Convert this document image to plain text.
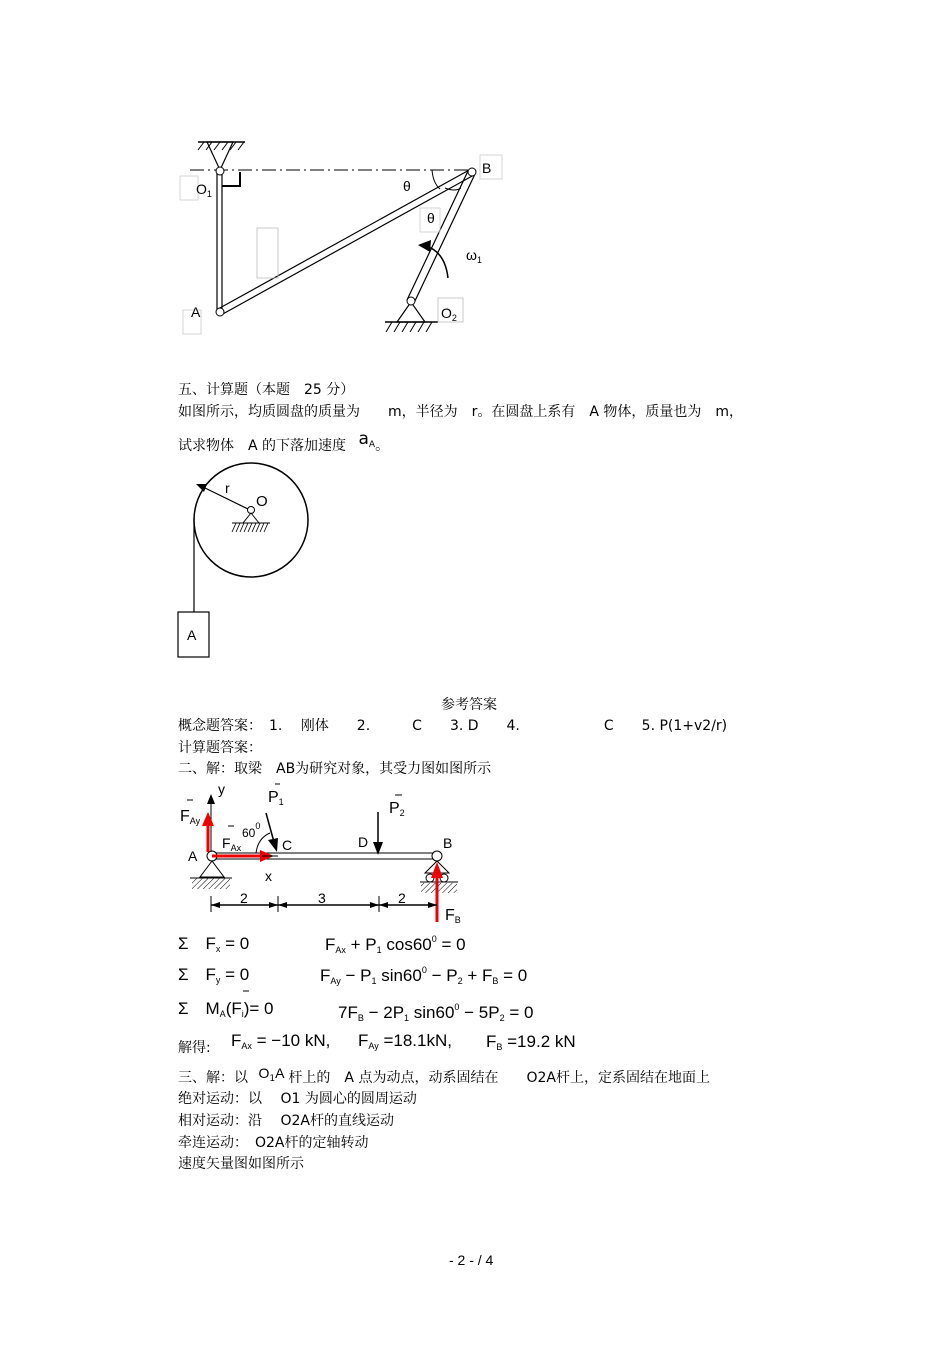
B
$O_1$
A	$O_2$
θ
θ
$\omega_1$
五、计算题（本题　25 分）
如图所示，均质圆盘的质量为　　m，半径为　r。在圆盘上系有　A 物体，质量也为　m，
试求物体　A 的下落加速度 $a_A$。
r
O
A
参考答案
概念题答案：　1.　 刚体　　2.　　　C　　3. D　　4.　　　　　　C　　5. P(1+v2/r)
计算题答案：
二、解：取梁　AB为研究对象，其受力图如图所示
y
$F_{Ay}$
$P_1$	$P_2$
$60^0$
$F_{Ax}$
A
C	D	B
x
2	3	2
$F_B$
Σ　$F_x = 0$	$F_{Ax} + P_1$ $\cos 60^0 = 0$
Σ　$F_y = 0$	$F_{Ay} - P_1$ $\sin 60^0 - P_2 + F_B = 0$
Σ　$M_A(F_i)= 0$	$7F_B - 2P_1$ $\sin 60^0 - 5P_2 = 0$
解得: $F_{Ax} = -10$ kN, $F_{Ay} =18.1kN$, $F_B =19.2$ kN
三、解：以 $O_1A$ 杆上的　A 点为动点，动系固结在　　O2A杆上，定系固结在地面上
绝对运动：以　 O1 为圆心的圆周运动
相对运动：沿　 O2A杆的直线运动
牵连运动：　O2A杆的定轴转动
速度矢量图如图所示
- 2 - / 4
